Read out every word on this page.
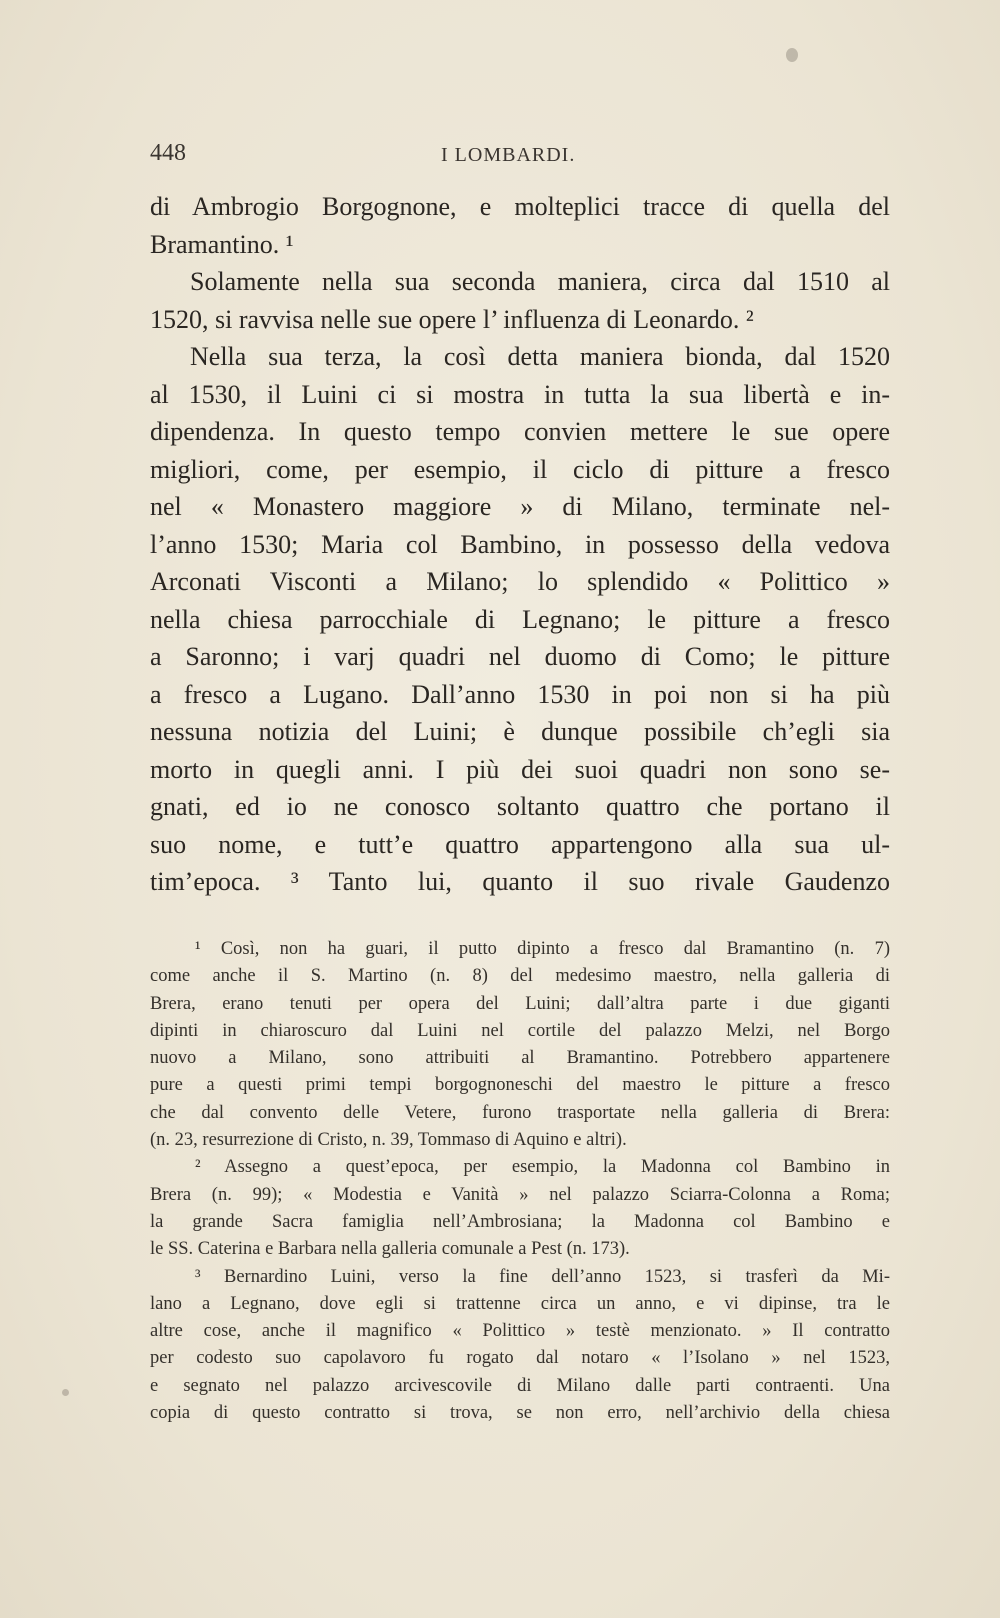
448	I LOMBARDI.
di Ambrogio Borgognone, e molteplici tracce di quella del
Bramantino. ¹
Solamente nella sua seconda maniera, circa dal 1510 al
1520, si ravvisa nelle sue opere l’ influenza di Leonardo. ²
Nella sua terza, la così detta maniera bionda, dal 1520
al 1530, il Luini ci si mostra in tutta la sua libertà e in-
dipendenza. In questo tempo convien mettere le sue opere
migliori, come, per esempio, il ciclo di pitture a fresco
nel « Monastero maggiore » di Milano, terminate nel-
l’anno 1530; Maria col Bambino, in possesso della vedova
Arconati Visconti a Milano; lo splendido « Polittico »
nella chiesa parrocchiale di Legnano; le pitture a fresco
a Saronno; i varj quadri nel duomo di Como; le pitture
a fresco a Lugano. Dall’anno 1530 in poi non si ha più
nessuna notizia del Luini; è dunque possibile ch’egli sia
morto in quegli anni. I più dei suoi quadri non sono se-
gnati, ed io ne conosco soltanto quattro che portano il
suo nome, e tutt’e quattro appartengono alla sua ul-
tim’epoca. ³ Tanto lui, quanto il suo rivale Gaudenzo
¹ Così, non ha guari, il putto dipinto a fresco dal Bramantino (n. 7)
come anche il S. Martino (n. 8) del medesimo maestro, nella galleria di
Brera, erano tenuti per opera del Luini; dall’altra parte i due giganti
dipinti in chiaroscuro dal Luini nel cortile del palazzo Melzi, nel Borgo
nuovo a Milano, sono attribuiti al Bramantino. Potrebbero appartenere
pure a questi primi tempi borgognoneschi del maestro le pitture a fresco
che dal convento delle Vetere, furono trasportate nella galleria di Brera:
(n. 23, resurrezione di Cristo, n. 39, Tommaso di Aquino e altri).
² Assegno a quest’epoca, per esempio, la Madonna col Bambino in
Brera (n. 99); « Modestia e Vanità » nel palazzo Sciarra-Colonna a Roma;
la grande Sacra famiglia nell’Ambrosiana; la Madonna col Bambino e
le SS. Caterina e Barbara nella galleria comunale a Pest (n. 173).
³ Bernardino Luini, verso la fine dell’anno 1523, si trasferì da Mi-
lano a Legnano, dove egli si trattenne circa un anno, e vi dipinse, tra le
altre cose, anche il magnifico « Polittico » testè menzionato. » Il contratto
per codesto suo capolavoro fu rogato dal notaro « l’Isolano » nel 1523,
e segnato nel palazzo arcivescovile di Milano dalle parti contraenti. Una
copia di questo contratto si trova, se non erro, nell’archivio della chiesa
